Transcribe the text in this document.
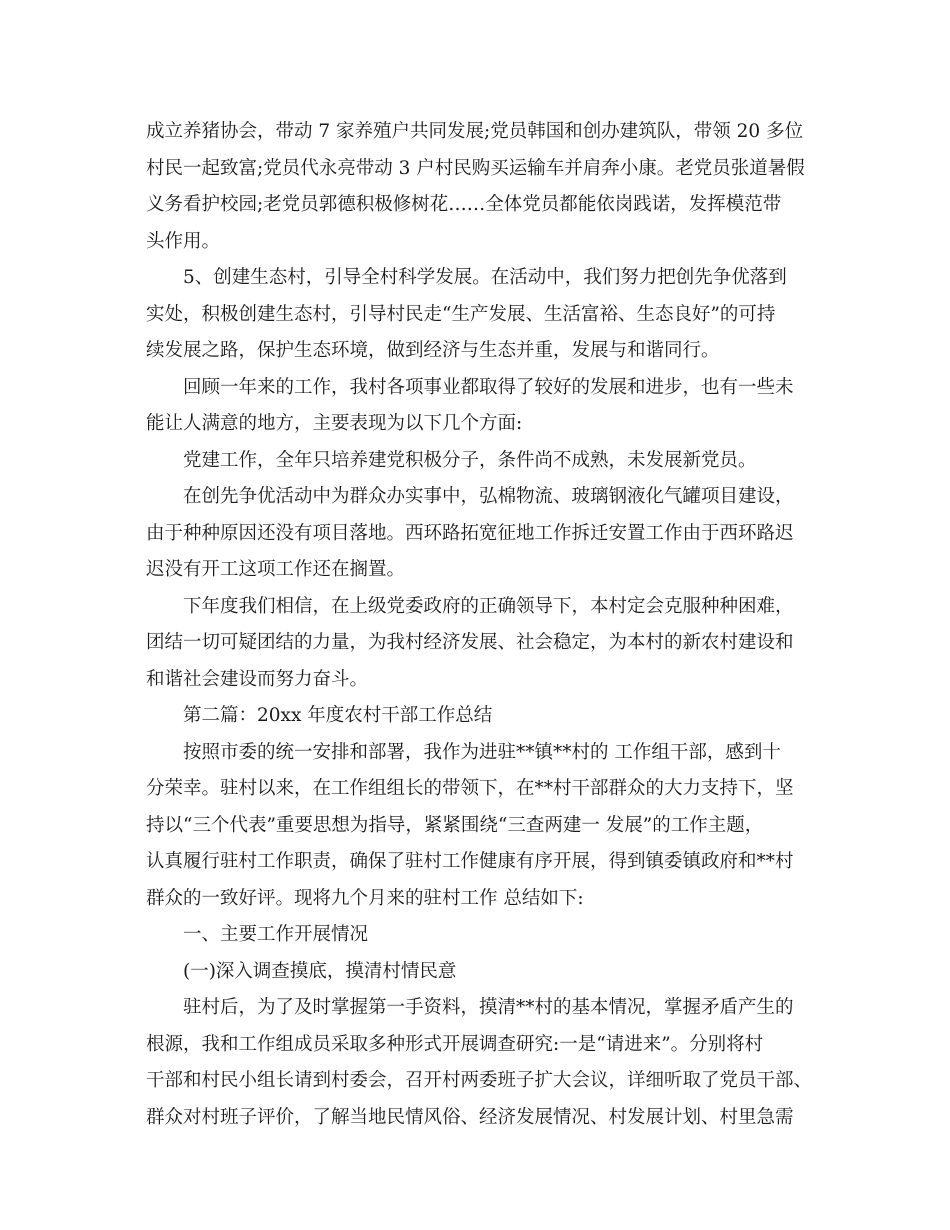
成立养猪协会，带动 7 家养殖户共同发展;党员韩国和创办建筑队，带领 20 多位
村民一起致富;党员代永亮带动 3 户村民购买运输车并肩奔小康。老党员张道暑假
义务看护校园;老党员郭德积极修树花……全体党员都能依岗践诺，发挥模范带
头作用。
5、创建生态村，引导全村科学发展。在活动中，我们努力把创先争优落到
实处，积极创建生态村，引导村民走“生产发展、生活富裕、生态良好”的可持
续发展之路，保护生态环境，做到经济与生态并重，发展与和谐同行。
回顾一年来的工作，我村各项事业都取得了较好的发展和进步，也有一些未
能让人满意的地方，主要表现为以下几个方面:
党建工作，全年只培养建党积极分子，条件尚不成熟，未发展新党员。
在创先争优活动中为群众办实事中，弘棉物流、玻璃钢液化气罐项目建设，
由于种种原因还没有项目落地。西环路拓宽征地工作拆迁安置工作由于西环路迟
迟没有开工这项工作还在搁置。
下年度我们相信，在上级党委政府的正确领导下，本村定会克服种种困难，
团结一切可疑团结的力量，为我村经济发展、社会稳定，为本村的新农村建设和
和谐社会建设而努力奋斗。
第二篇：20xx 年度农村干部工作总结
按照市委的统一安排和部署，我作为进驻**镇**村的 工作组干部，感到十
分荣幸。驻村以来，在工作组组长的带领下，在**村干部群众的大力支持下，坚
持以“三个代表”重要思想为指导，紧紧围绕“三查两建一 发展”的工作主题，
认真履行驻村工作职责，确保了驻村工作健康有序开展，得到镇委镇政府和**村
群众的一致好评。现将九个月来的驻村工作 总结如下:
一、主要工作开展情况
(一)深入调查摸底，摸清村情民意
驻村后，为了及时掌握第一手资料，摸清**村的基本情况，掌握矛盾产生的
根源，我和工作组成员采取多种形式开展调查研究:一是“请进来”。分别将村
干部和村民小组长请到村委会，召开村两委班子扩大会议，详细听取了党员干部、
群众对村班子评价，了解当地民情风俗、经济发展情况、村发展计划、村里急需
